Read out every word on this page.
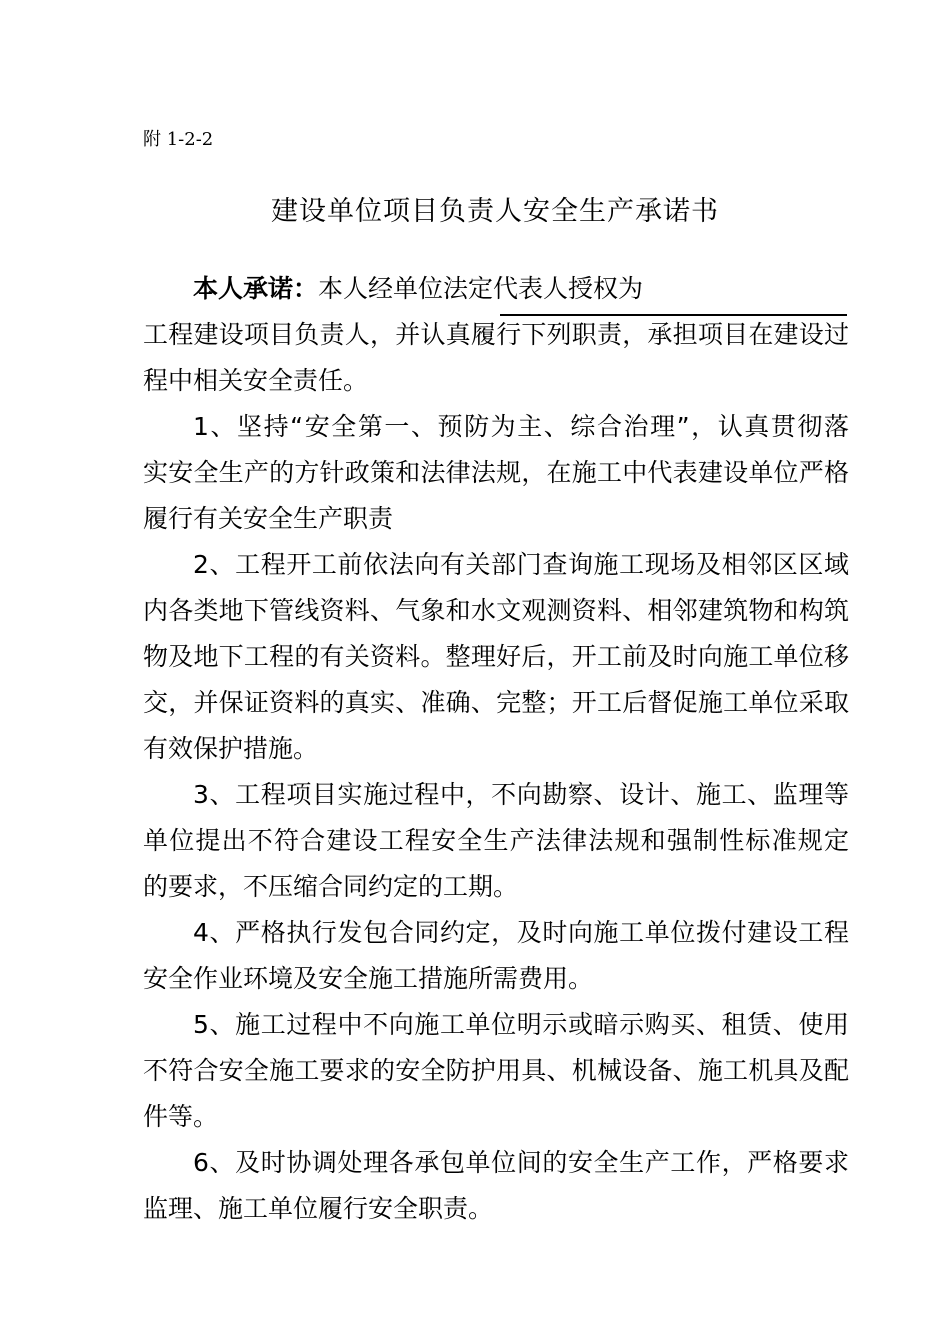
附 1-2-2
建设单位项目负责人安全生产承诺书
本人承诺：本人经单位法定代表人授权为
工程建设项目负责人，并认真履行下列职责，承担项目在建设过
程中相关安全责任。
1、坚持“安全第一、预防为主、综合治理”，认真贯彻落
实安全生产的方针政策和法律法规，在施工中代表建设单位严格
履行有关安全生产职责
2、工程开工前依法向有关部门查询施工现场及相邻区区域
内各类地下管线资料、气象和水文观测资料、相邻建筑物和构筑
物及地下工程的有关资料。整理好后，开工前及时向施工单位移
交，并保证资料的真实、准确、完整；开工后督促施工单位采取
有效保护措施。
3、工程项目实施过程中，不向勘察、设计、施工、监理等
单位提出不符合建设工程安全生产法律法规和强制性标准规定
的要求，不压缩合同约定的工期。
4、严格执行发包合同约定，及时向施工单位拨付建设工程
安全作业环境及安全施工措施所需费用。
5、施工过程中不向施工单位明示或暗示购买、租赁、使用
不符合安全施工要求的安全防护用具、机械设备、施工机具及配
件等。
6、及时协调处理各承包单位间的安全生产工作，严格要求
监理、施工单位履行安全职责。
